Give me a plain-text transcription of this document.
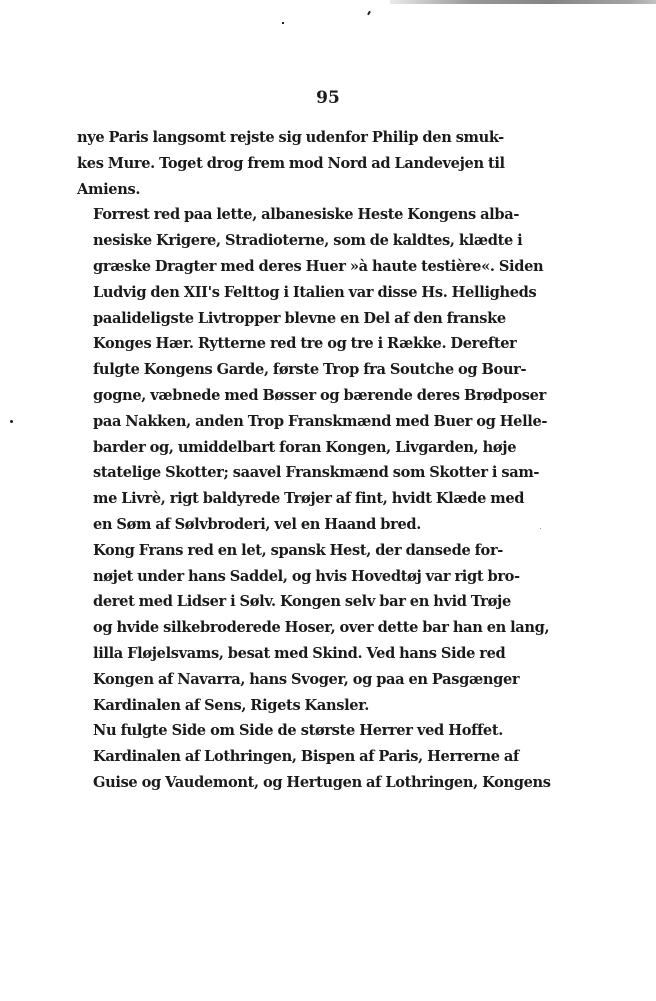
95

nye Paris langsomt rejste sig udenfor Philip den smuk-
kes Mure. Toget drog frem mod Nord ad Landevejen til
Amiens.

Forrest red paa lette, albanesiske Heste Kongens alba-
nesiske Krigere, Stradioterne, som de kaldtes, klædte i
græske Dragter med deres Huer »à haute testière«. Siden
Ludvig den XII's Felttog i Italien var disse Hs. Helligheds
paalideligste Livtropper blevne en Del af den franske
Konges Hær. Rytterne red tre og tre i Række. Derefter
fulgte Kongens Garde, første Trop fra Soutche og Bour-
gogne, væbnede med Bøsser og bærende deres Brødposer
paa Nakken, anden Trop Franskmænd med Buer og Helle-
barder og, umiddelbart foran Kongen, Livgarden, høje
statelige Skotter; saavel Franskmænd som Skotter i sam-
me Livrè, rigt baldyrede Trøjer af fint, hvidt Klæde med
en Søm af Sølvbroderi, vel en Haand bred.

Kong Frans red en let, spansk Hest, der dansede for-
nøjet under hans Saddel, og hvis Hovedtøj var rigt bro-
deret med Lidser i Sølv. Kongen selv bar en hvid Trøje
og hvide silkebroderede Hoser, over dette bar han en lang,
lilla Fløjelsvams, besat med Skind. Ved hans Side red
Kongen af Navarra, hans Svoger, og paa en Pasgænger
Kardinalen af Sens, Rigets Kansler.

Nu fulgte Side om Side de største Herrer ved Hoffet.
Kardinalen af Lothringen, Bispen af Paris, Herrerne af
Guise og Vaudemont, og Hertugen af Lothringen, Kongens
